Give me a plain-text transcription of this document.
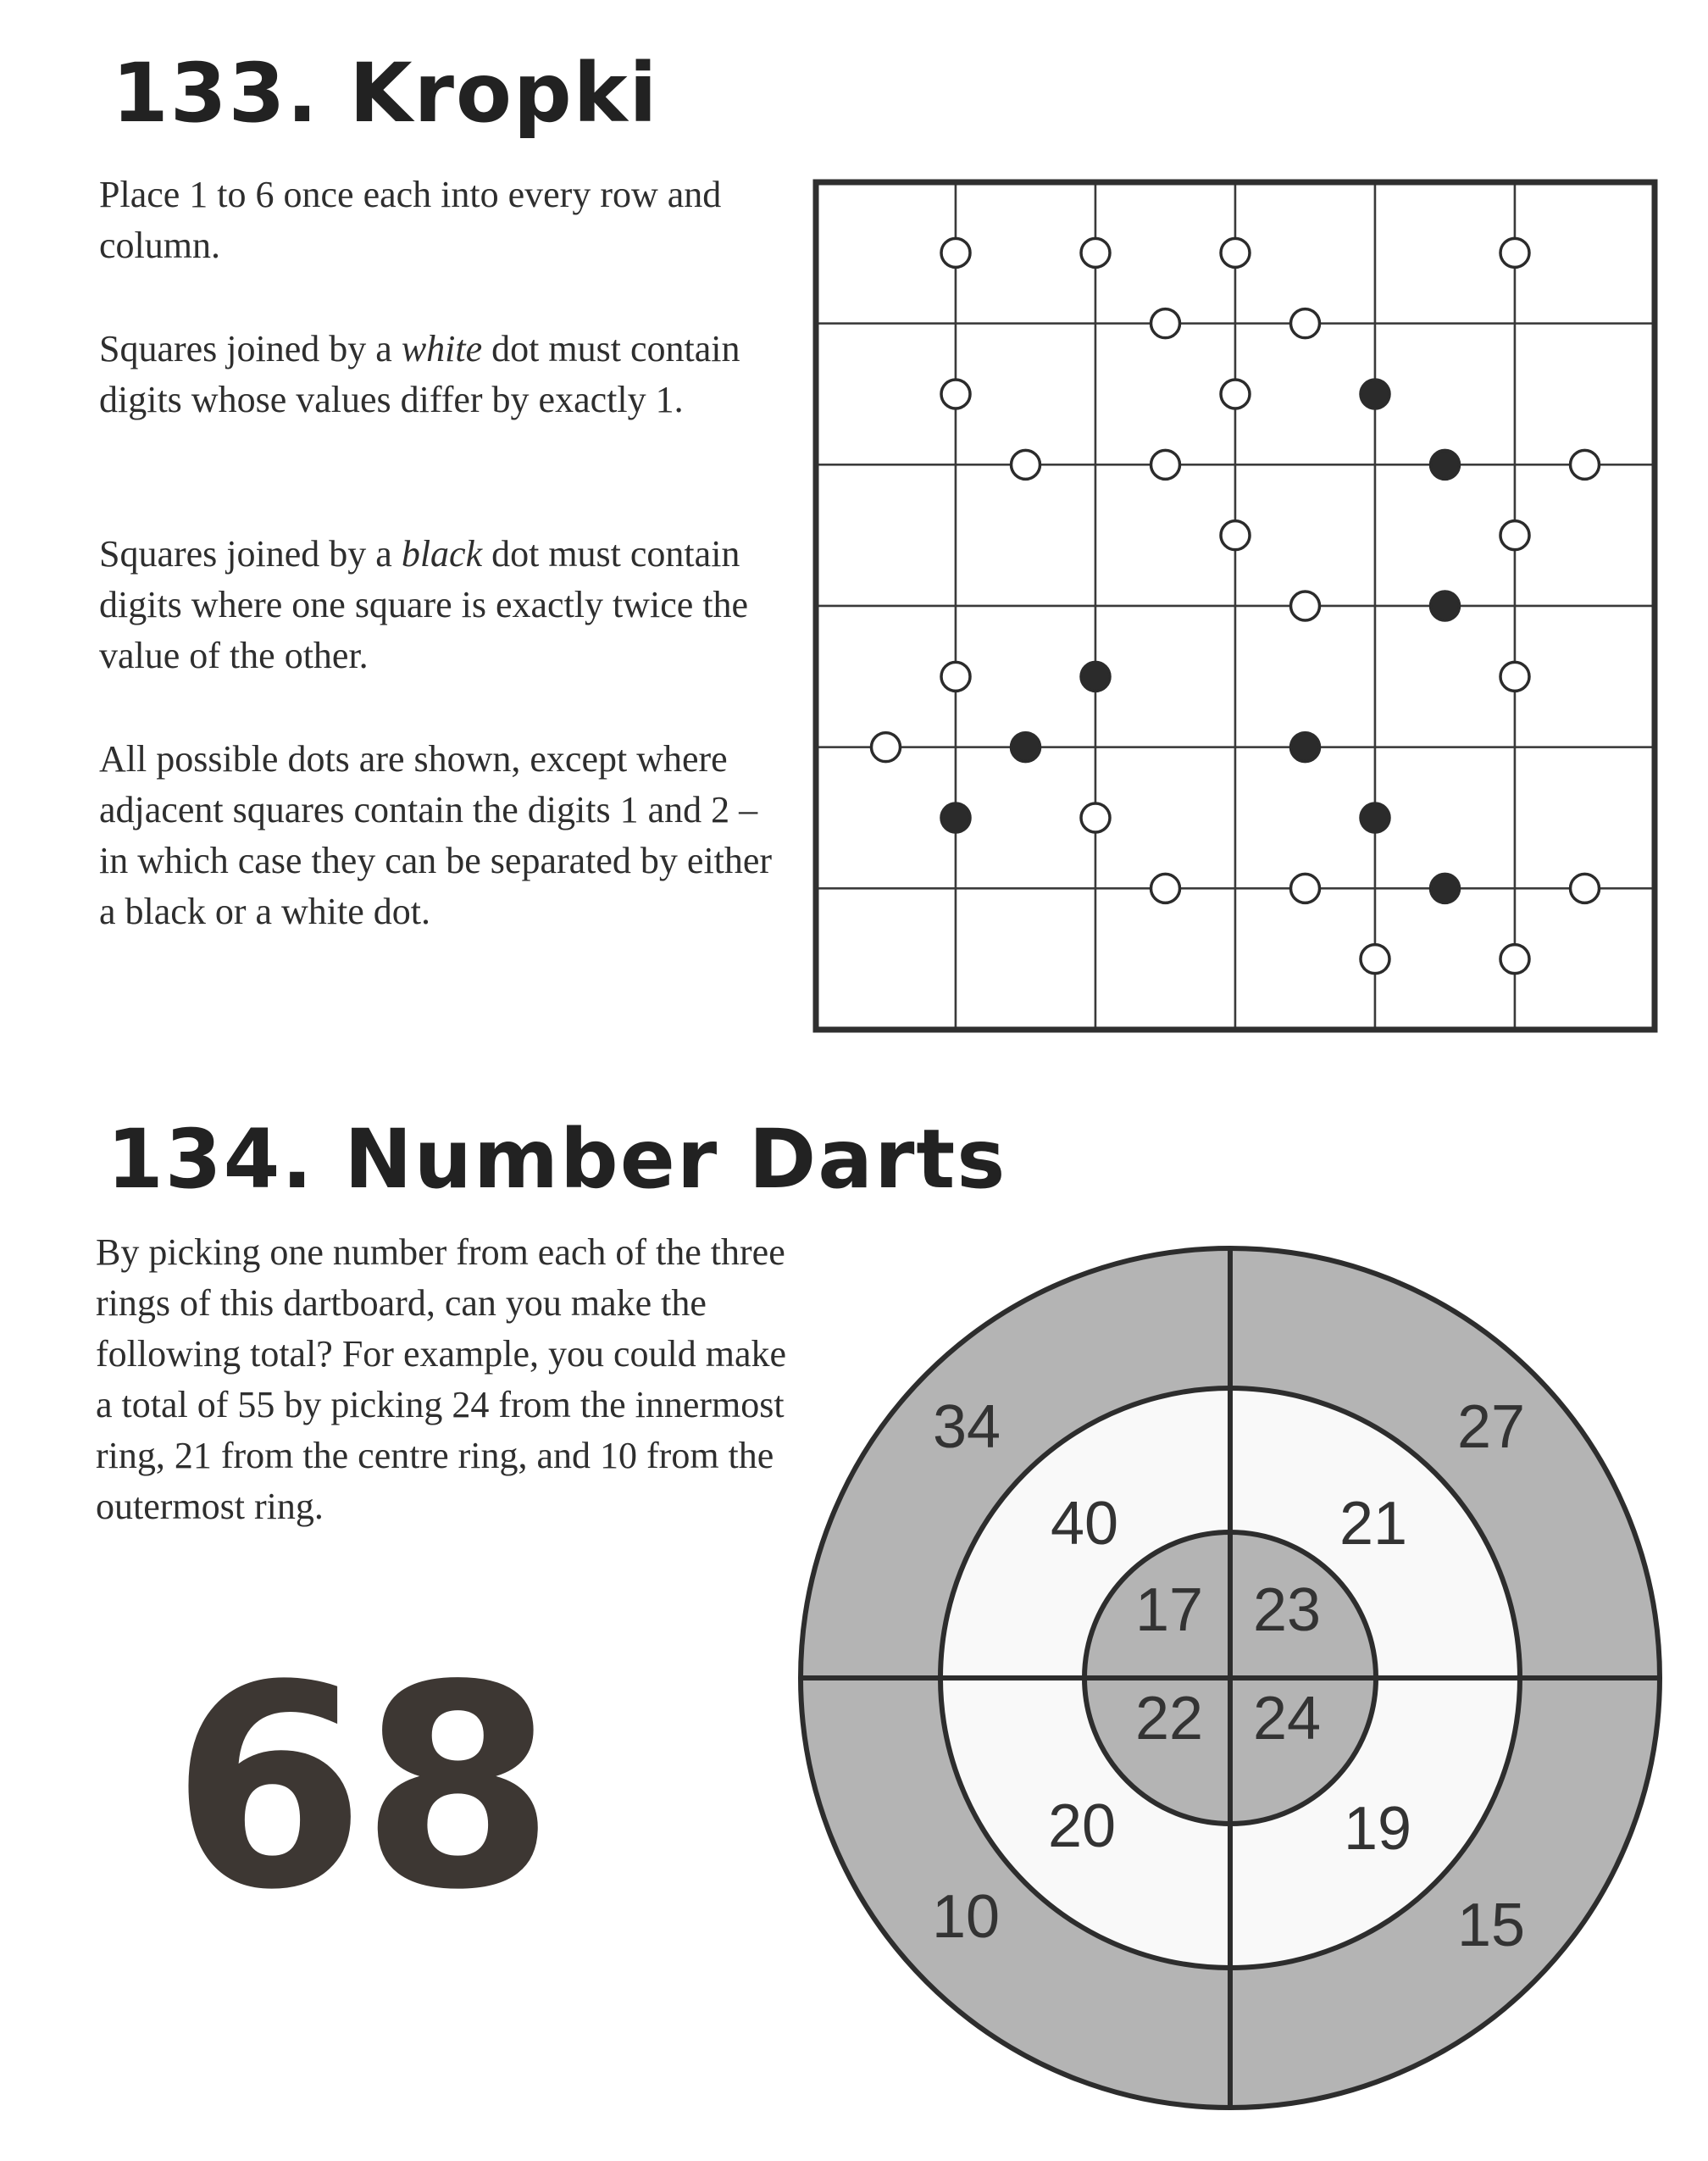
133. Kropki

Place 1 to 6 once each into every row and column.

Squares joined by a white dot must contain digits whose values differ by exactly 1.

Squares joined by a black dot must contain digits where one square is exactly twice the value of the other.

All possible dots are shown, except where adjacent squares contain the digits 1 and 2 – in which case they can be separated by either a black or a white dot.

134. Number Darts

By picking one number from each of the three rings of this dartboard, can you make the following total? For example, you could make a total of 55 by picking 24 from the innermost ring, 21 from the centre ring, and 10 from the outermost ring.

68
17 23
22 24
40	21
20	19
34	27
10	15
